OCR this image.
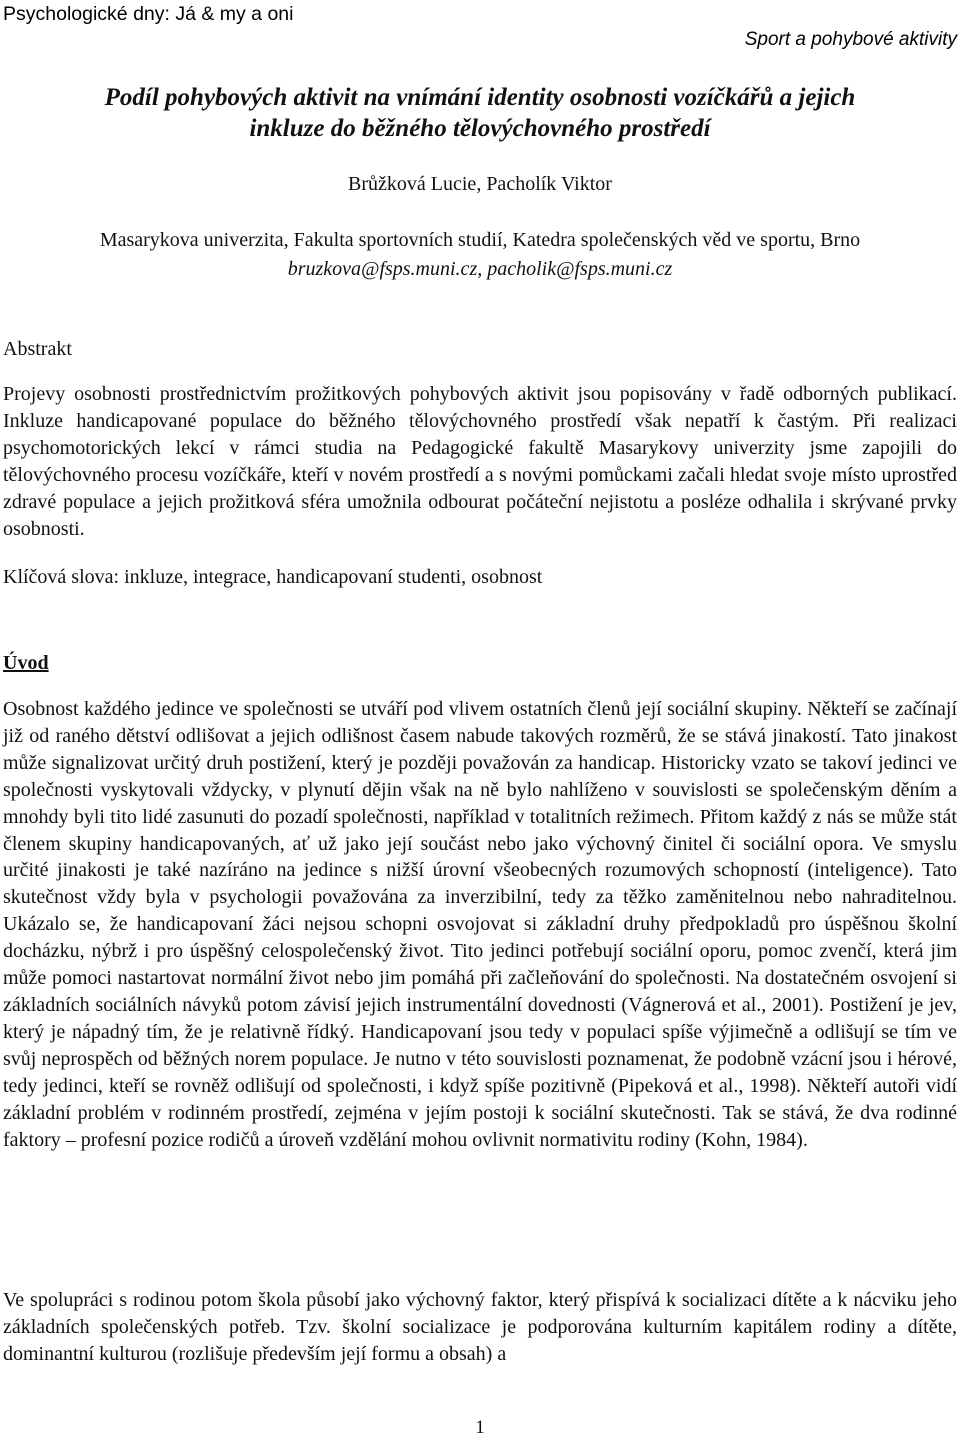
Psychologické dny: Já & my a oni
Sport a pohybové aktivity
Podíl pohybových aktivit na vnímání identity osobnosti vozíčkářů a jejich
inkluze do běžného tělovýchovného prostředí

Brůžková Lucie, Pacholík Viktor

Masarykova univerzita, Fakulta sportovních studií, Katedra společenských věd ve sportu, Brno

bruzkova@fsps.muni.cz, pacholik@fsps.muni.cz

Abstrakt

Projevy osobnosti prostřednictvím prožitkových pohybových aktivit jsou popisovány v řadě odborných publikací. Inkluze handicapované populace do běžného tělovýchovného prostředí však nepatří k častým. Při realizaci psychomotorických lekcí v rámci studia na Pedagogické fakultě Masarykovy univerzity jsme zapojili do tělovýchovného procesu vozíčkáře, kteří v novém prostředí a s novými pomůckami začali hledat svoje místo uprostřed zdravé populace a jejich prožitková sféra umožnila odbourat počáteční nejistotu a posléze odhalila i skrývané prvky osobnosti.

Klíčová slova: inkluze, integrace, handicapovaní studenti, osobnost

Úvod

Osobnost každého jedince ve společnosti se utváří pod vlivem ostatních členů její sociální skupiny. Někteří se začínají již od raného dětství odlišovat a jejich odlišnost časem nabude takových rozměrů, že se stává jinakostí. Tato jinakost může signalizovat určitý druh postižení, který je později považován za handicap. Historicky vzato se takoví jedinci ve společnosti vyskytovali vždycky, v plynutí dějin však na ně bylo nahlíženo v souvislosti se společenským děním a mnohdy byli tito lidé zasunuti do pozadí společnosti, například v totalitních režimech. Přitom každý z nás se může stát členem skupiny handicapovaných, ať už jako její součást nebo jako výchovný činitel či sociální opora. Ve smyslu určité jinakosti je také nazíráno na jedince s nižší úrovní všeobecných rozumových schopností (inteligence). Tato skutečnost vždy byla v psychologii považována za inverzibilní, tedy za těžko zaměnitelnou nebo nahraditelnou. Ukázalo se, že handicapovaní žáci nejsou schopni osvojovat si základní druhy předpokladů pro úspěšnou školní docházku, nýbrž i pro úspěšný celospolečenský život. Tito jedinci potřebují sociální oporu, pomoc zvenčí, která jim může pomoci nastartovat normální život nebo jim pomáhá při začleňování do společnosti. Na dostatečném osvojení si základních sociálních návyků potom závisí jejich instrumentální dovednosti (Vágnerová et al., 2001). Postižení je jev, který je nápadný tím, že je relativně řídký. Handicapovaní jsou tedy v populaci spíše výjimečně a odlišují se tím ve svůj neprospěch od běžných norem populace. Je nutno v této souvislosti poznamenat, že podobně vzácní jsou i hérové, tedy jedinci, kteří se rovněž odlišují od společnosti, i když spíše pozitivně (Pipeková et al., 1998). Někteří autoři vidí základní problém v rodinném prostředí, zejména v jejím postoji k sociální skutečnosti. Tak se stává, že dva rodinné faktory – profesní pozice rodičů a úroveň vzdělání mohou ovlivnit normativitu rodiny (Kohn, 1984).

Ve spolupráci s rodinou potom škola působí jako výchovný faktor, který přispívá k socializaci dítěte a k nácviku jeho základních společenských potřeb. Tzv. školní socializace je podporována kulturním kapitálem rodiny a dítěte, dominantní kulturou (rozlišuje především její formu a obsah) a

1
